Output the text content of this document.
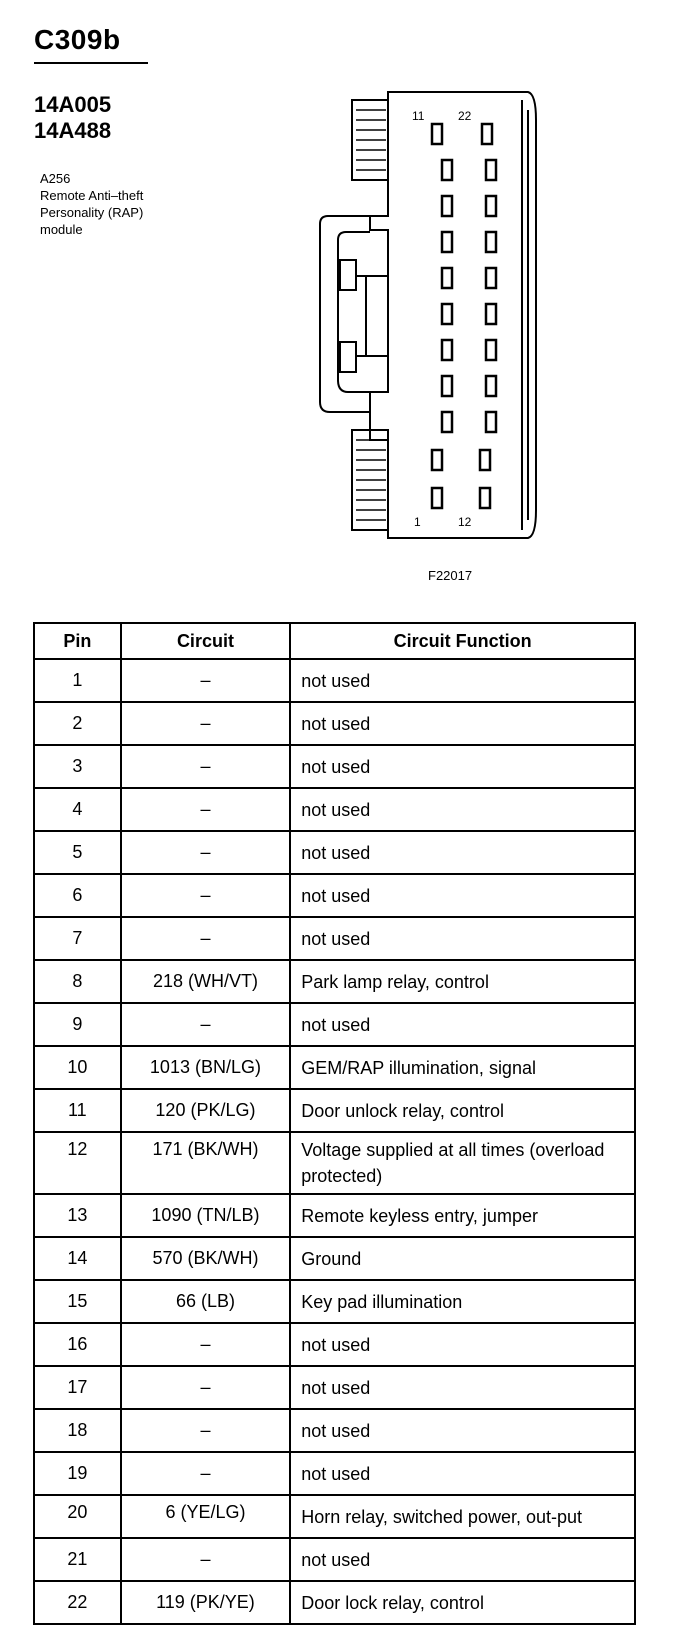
C309b
14A005
14A488
A256
Remote Anti–theft
Personality (RAP)
module
11	22
1	12
F22017
Pin	Circuit	Circuit Function
1	–	not used
2	–	not used
3	–	not used
4	–	not used
5	–	not used
6	–	not used
7	–	not used
8	218 (WH/VT)	Park lamp relay, control
9	–	not used
10	1013 (BN/LG)	GEM/RAP illumination, signal
11	120 (PK/LG)	Door unlock relay, control
12	171 (BK/WH)	Voltage supplied at all times (overload protected)
13	1090 (TN/LB)	Remote keyless entry, jumper
14	570 (BK/WH)	Ground
15	66 (LB)	Key pad illumination
16	–	not used
17	–	not used
18	–	not used
19	–	not used
20	6 (YE/LG)	Horn relay, switched power, out-put
21	–	not used
22	119 (PK/YE)	Door lock relay, control
